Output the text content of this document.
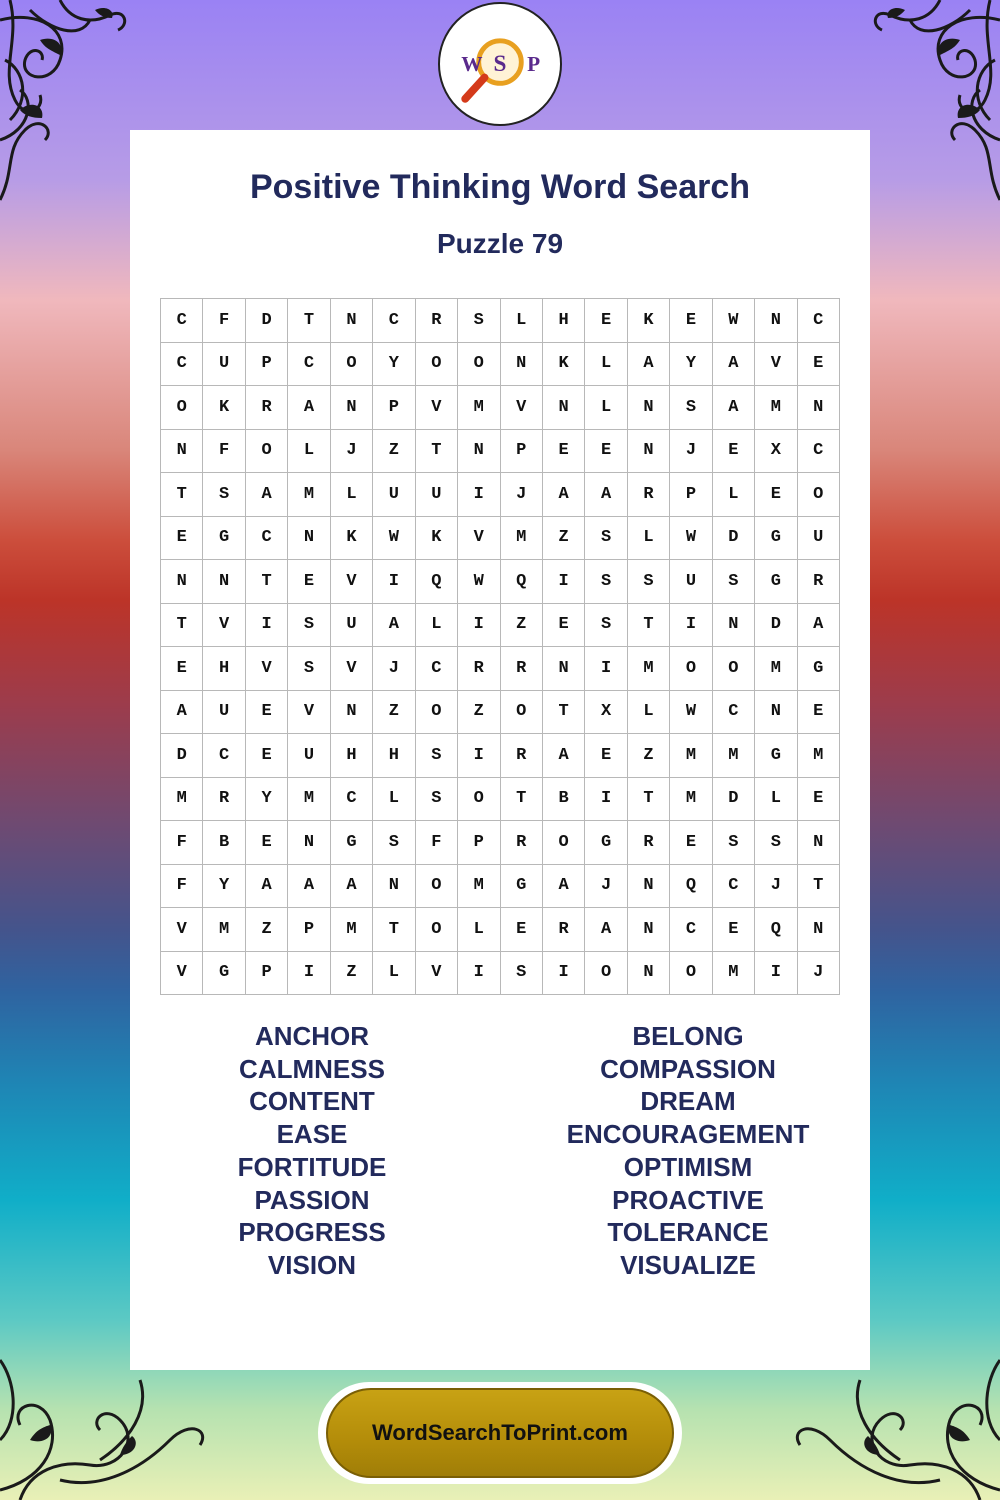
W S P
Positive Thinking Word Search
Puzzle 79
C	F	D	T	N	C	R	S	L	H	E	K	E	W	N	C
C	U	P	C	O	Y	O	O	N	K	L	A	Y	A	V	E
O	K	R	A	N	P	V	M	V	N	L	N	S	A	M	N
N	F	O	L	J	Z	T	N	P	E	E	N	J	E	X	C
T	S	A	M	L	U	U	I	J	A	A	R	P	L	E	O
E	G	C	N	K	W	K	V	M	Z	S	L	W	D	G	U
N	N	T	E	V	I	Q	W	Q	I	S	S	U	S	G	R
T	V	I	S	U	A	L	I	Z	E	S	T	I	N	D	A
E	H	V	S	V	J	C	R	R	N	I	M	O	O	M	G
A	U	E	V	N	Z	O	Z	O	T	X	L	W	C	N	E
D	C	E	U	H	H	S	I	R	A	E	Z	M	M	G	M
M	R	Y	M	C	L	S	O	T	B	I	T	M	D	L	E
F	B	E	N	G	S	F	P	R	O	G	R	E	S	S	N
F	Y	A	A	A	N	O	M	G	A	J	N	Q	C	J	T
V	M	Z	P	M	T	O	L	E	R	A	N	C	E	Q	N
V	G	P	I	Z	L	V	I	S	I	O	N	O	M	I	J
ANCHOR
CALMNESS
CONTENT
EASE
FORTITUDE
PASSION
PROGRESS
VISION
BELONG
COMPASSION
DREAM
ENCOURAGEMENT
OPTIMISM
PROACTIVE
TOLERANCE
VISUALIZE
WordSearchToPrint.com
